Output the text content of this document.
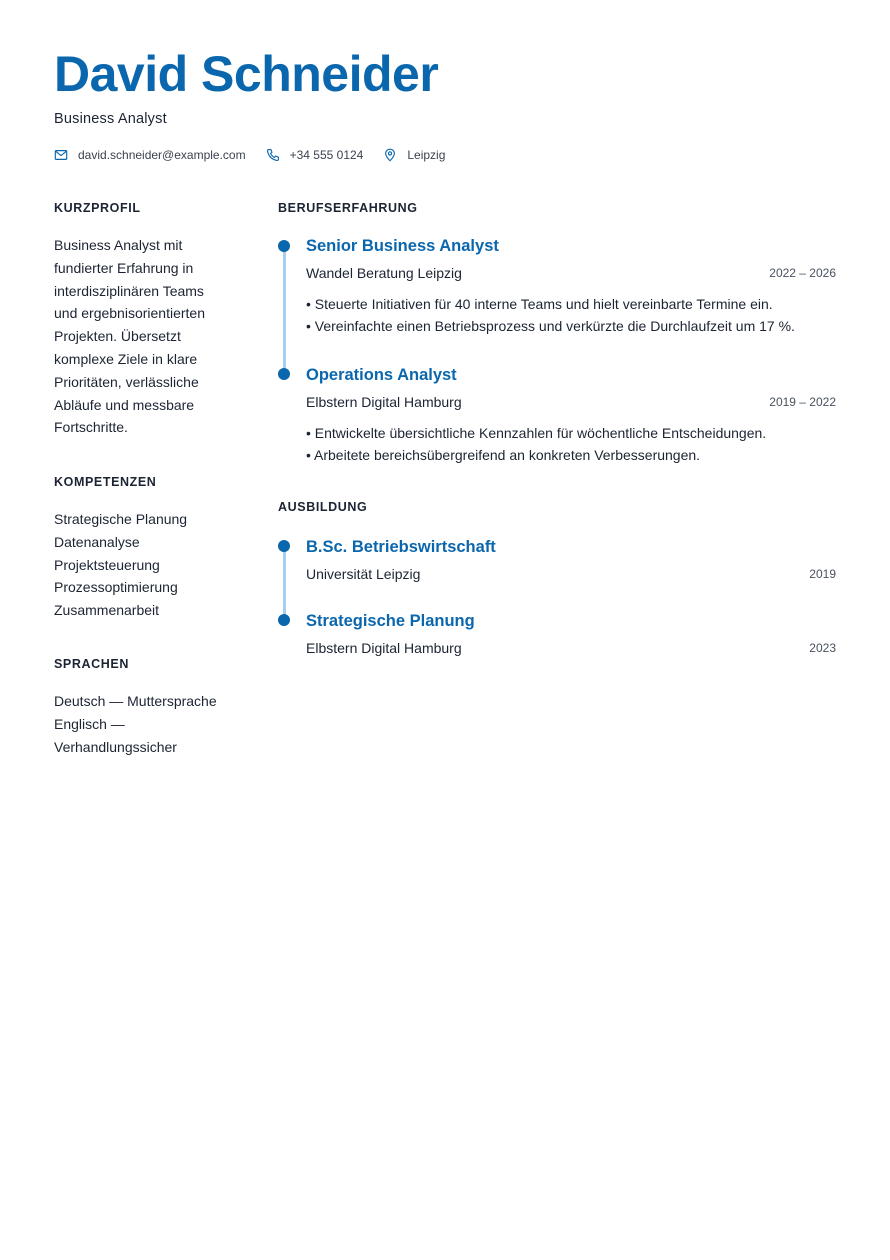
David Schneider
Business Analyst
david.schneider@example.com	+34 555 0124	Leipzig
KURZPROFIL
Business Analyst mit
fundierter Erfahrung in
interdisziplinären Teams
und ergebnisorientierten
Projekten. Übersetzt
komplexe Ziele in klare
Prioritäten, verlässliche
Abläufe und messbare
Fortschritte.
KOMPETENZEN
Strategische Planung
Datenanalyse
Projektsteuerung
Prozessoptimierung
Zusammenarbeit
SPRACHEN
Deutsch — Muttersprache
Englisch —
Verhandlungssicher
BERUFSERFAHRUNG
Senior Business Analyst
Wandel Beratung Leipzig	2022 – 2026
• Steuerte Initiativen für 40 interne Teams und hielt vereinbarte Termine ein.
• Vereinfachte einen Betriebsprozess und verkürzte die Durchlaufzeit um 17 %.
Operations Analyst
Elbstern Digital Hamburg	2019 – 2022
• Entwickelte übersichtliche Kennzahlen für wöchentliche Entscheidungen.
• Arbeitete bereichsübergreifend an konkreten Verbesserungen.
AUSBILDUNG
B.Sc. Betriebswirtschaft
Universität Leipzig	2019
Strategische Planung
Elbstern Digital Hamburg	2023
